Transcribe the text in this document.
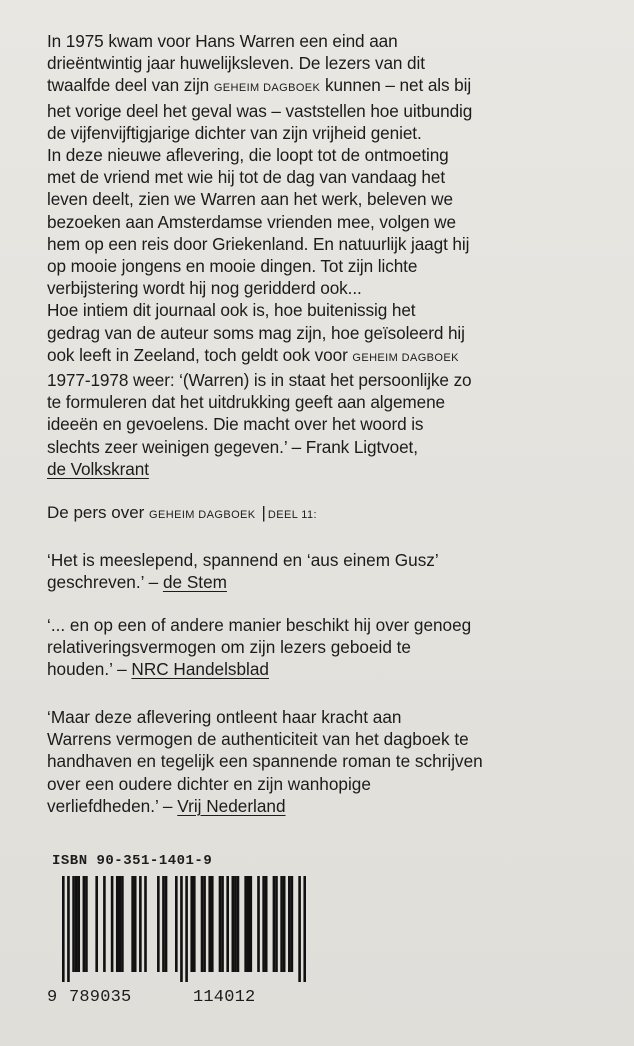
In 1975 kwam voor Hans Warren een eind aan

drieëntwintig jaar huwelijksleven. De lezers van dit

twaalfde deel van zijn GEHEIM DAGBOEK kunnen – net als bij

het vorige deel het geval was – vaststellen hoe uitbundig

de vijfenvijftigjarige dichter van zijn vrijheid geniet.

In deze nieuwe aflevering, die loopt tot de ontmoeting

met de vriend met wie hij tot de dag van vandaag het

leven deelt, zien we Warren aan het werk, beleven we

bezoeken aan Amsterdamse vrienden mee, volgen we

hem op een reis door Griekenland. En natuurlijk jaagt hij

op mooie jongens en mooie dingen. Tot zijn lichte

verbijstering wordt hij nog geridderd ook...

Hoe intiem dit journaal ook is, hoe buitenissig het

gedrag van de auteur soms mag zijn, hoe geïsoleerd hij

ook leeft in Zeeland, toch geldt ook voor GEHEIM DAGBOEK

1977-1978 weer: ‘(Warren) is in staat het persoonlijke zo

te formuleren dat het uitdrukking geeft aan algemene

ideeën en gevoelens. Die macht over het woord is

slechts zeer weinigen gegeven.’ – Frank Ligtvoet,

de Volkskrant

De pers over GEHEIM DAGBOEK | DEEL 11:
‘Het is meeslepend, spannend en ‘aus einem Gusz’
geschreven.’ – de Stem
‘... en op een of andere manier beschikt hij over genoeg
relativeringsvermogen om zijn lezers geboeid te
houden.’ – NRC Handelsblad
‘Maar deze aflevering ontleent haar kracht aan
Warrens vermogen de authenticiteit van het dagboek te
handhaven en tegelijk een spannende roman te schrijven
over een oudere dichter en zijn wanhopige
verliefdheden.’ – Vrij Nederland
ISBN 90-351-1401-9
9 789035	114012
